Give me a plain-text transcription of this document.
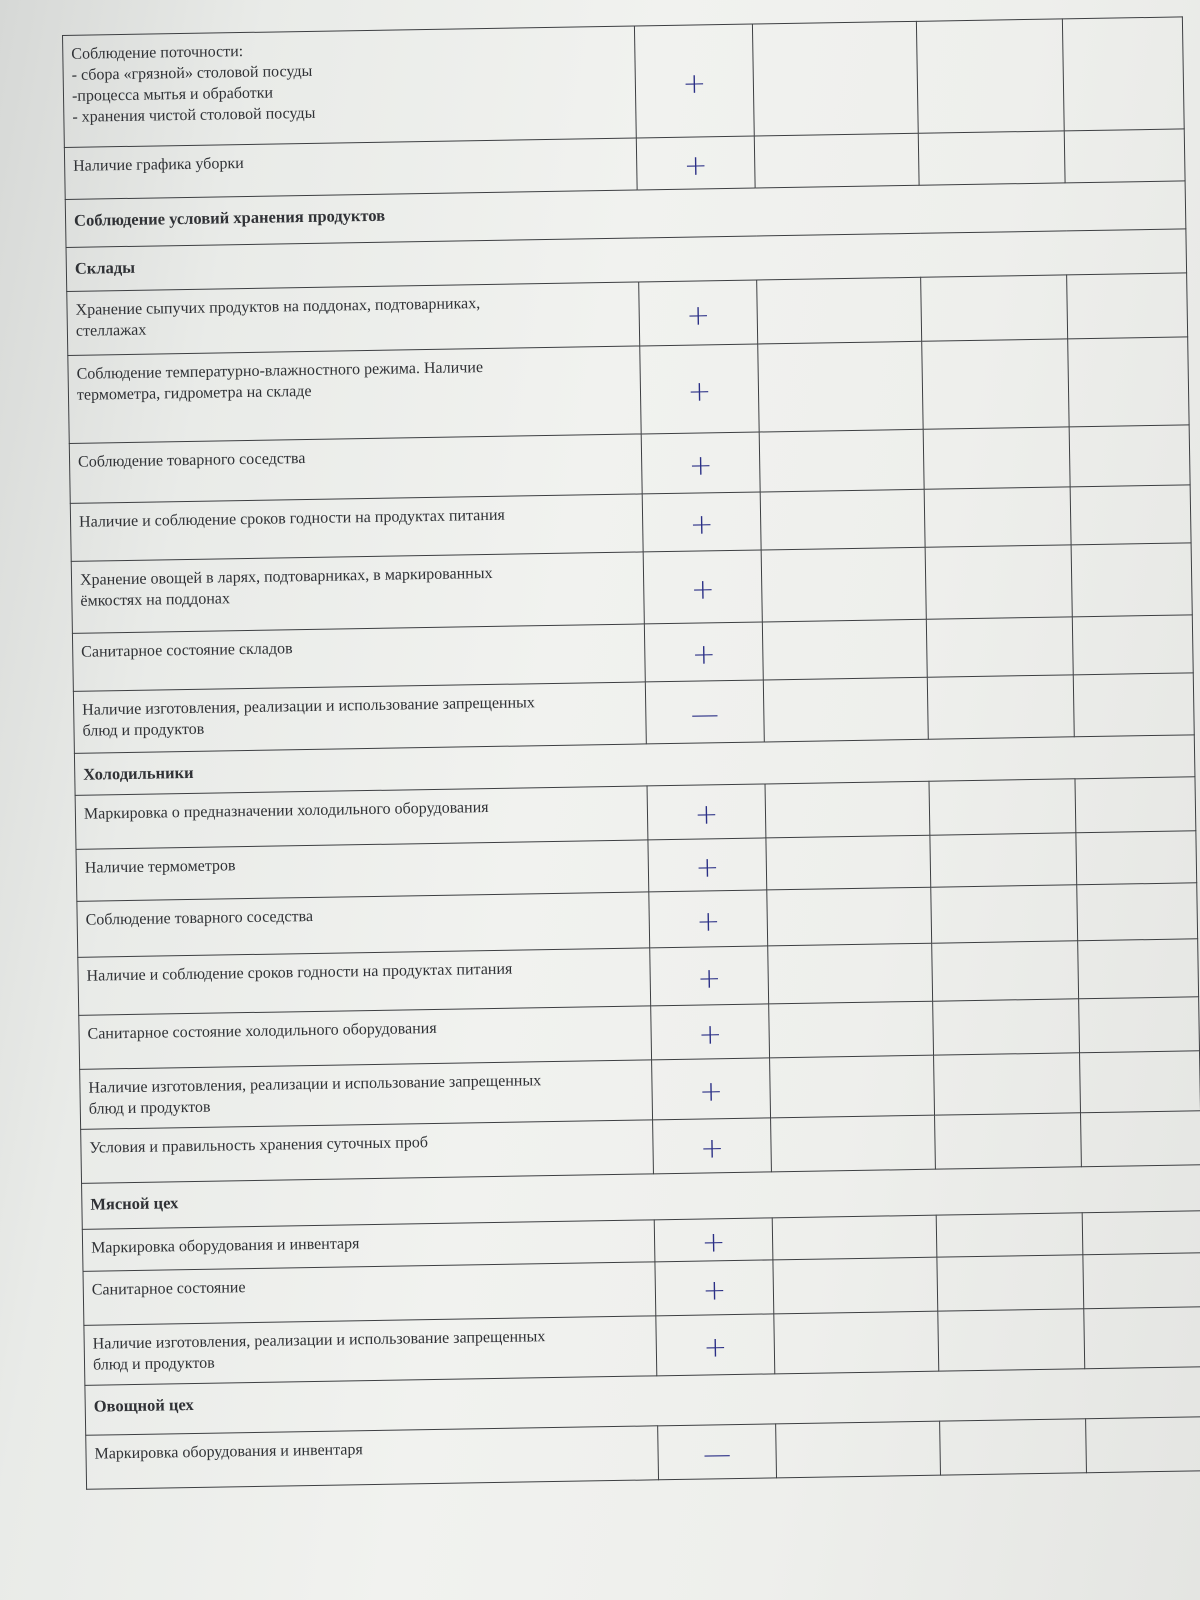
Соблюдение поточности:
- сбора «грязной» столовой посуды
-процесса мытья и обработки
- хранения чистой столовой посуды	+			

Наличие графика уборки	+			

Соблюдение условий хранения продуктов				
Склады				
Хранение сыпучих продуктов на поддонах, подтоварниках,
стеллажах	+			

Соблюдение температурно-влажностного режима. Наличие
термометра, гидрометра на складе	+			

Соблюдение товарного соседства	+			

Наличие и соблюдение сроков годности на продуктах питания	+			

Хранение овощей в ларях, подтоварниках, в маркированных
ёмкостях на поддонах	+			

Санитарное состояние складов	+			

Наличие изготовления, реализации и использование запрещенных
блюд и продуктов	—			

Холодильники				
Маркировка о предназначении холодильного оборудования	+			

Наличие термометров	+			

Соблюдение товарного соседства	+			

Наличие и соблюдение сроков годности на продуктах питания	+			

Санитарное состояние холодильного оборудования	+			

Наличие изготовления, реализации и использование запрещенных
блюд и продуктов	+			

Условия и правильность хранения суточных проб	+			

Мясной цех				
Маркировка оборудования и инвентаря	+			

Санитарное состояние	+			

Наличие изготовления, реализации и использование запрещенных
блюд и продуктов	+			

Овощной цех				
Маркировка оборудования и инвентаря	—			
